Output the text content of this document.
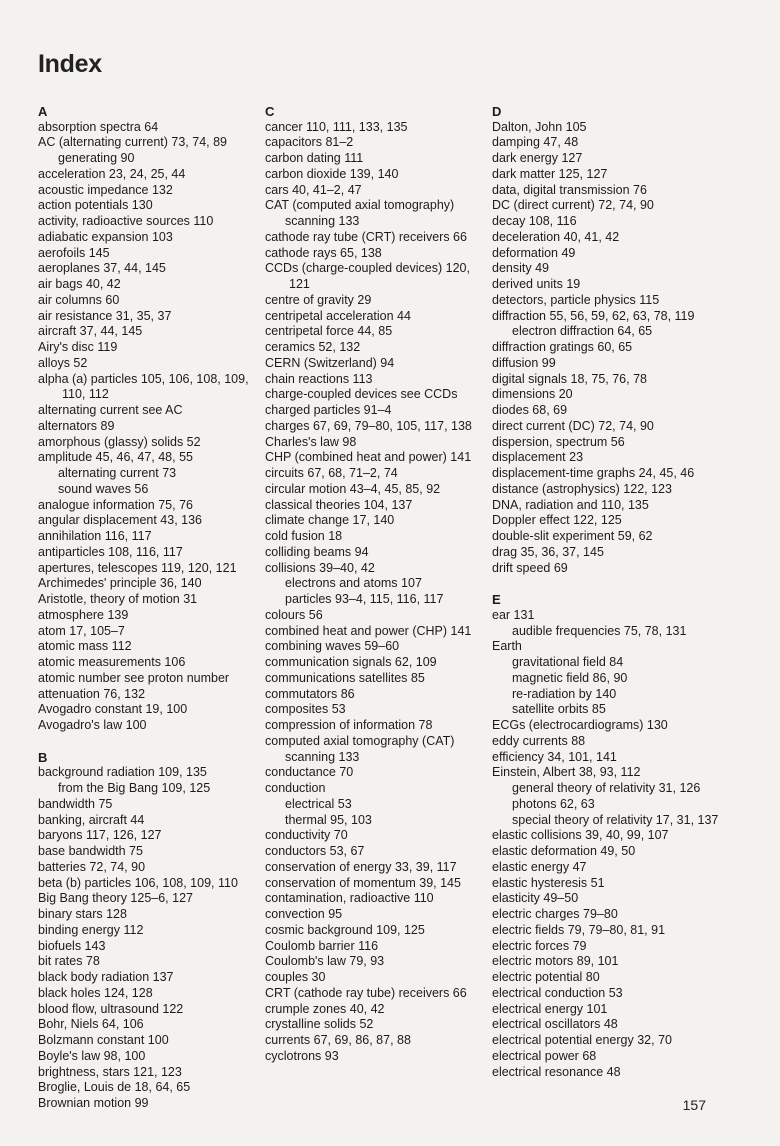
Index
A
absorption spectra 64
AC (alternating current) 73, 74, 89
generating 90
acceleration 23, 24, 25, 44
acoustic impedance 132
action potentials 130
activity, radioactive sources 110
adiabatic expansion 103
aerofoils 145
aeroplanes 37, 44, 145
air bags 40, 42
air columns 60
air resistance 31, 35, 37
aircraft 37, 44, 145
Airy's disc 119
alloys 52
alpha (a) particles 105, 106, 108, 109, 110, 112
alternating current see AC
alternators 89
amorphous (glassy) solids 52
amplitude 45, 46, 47, 48, 55
alternating current 73
sound waves 56
analogue information 75, 76
angular displacement 43, 136
annihilation 116, 117
antiparticles 108, 116, 117
apertures, telescopes 119, 120, 121
Archimedes' principle 36, 140
Aristotle, theory of motion 31
atmosphere 139
atom 17, 105–7
atomic mass 112
atomic measurements 106
atomic number see proton number
attenuation 76, 132
Avogadro constant 19, 100
Avogadro's law 100
B
background radiation 109, 135
from the Big Bang 109, 125
bandwidth 75
banking, aircraft 44
baryons 117, 126, 127
base bandwidth 75
batteries 72, 74, 90
beta (b) particles 106, 108, 109, 110
Big Bang theory 125–6, 127
binary stars 128
binding energy 112
biofuels 143
bit rates 78
black body radiation 137
black holes 124, 128
blood flow, ultrasound 122
Bohr, Niels 64, 106
Bolzmann constant 100
Boyle's law 98, 100
brightness, stars 121, 123
Broglie, Louis de 18, 64, 65
Brownian motion 99
C
cancer 110, 111, 133, 135
capacitors 81–2
carbon dating 111
carbon dioxide 139, 140
cars 40, 41–2, 47
CAT (computed axial tomography)
scanning 133
cathode ray tube (CRT) receivers 66
cathode rays 65, 138
CCDs (charge-coupled devices) 120, 121
centre of gravity 29
centripetal acceleration 44
centripetal force 44, 85
ceramics 52, 132
CERN (Switzerland) 94
chain reactions 113
charge-coupled devices see CCDs
charged particles 91–4
charges 67, 69, 79–80, 105, 117, 138
Charles's law 98
CHP (combined heat and power) 141
circuits 67, 68, 71–2, 74
circular motion 43–4, 45, 85, 92
classical theories 104, 137
climate change 17, 140
cold fusion 18
colliding beams 94
collisions 39–40, 42
electrons and atoms 107
particles 93–4, 115, 116, 117
colours 56
combined heat and power (CHP) 141
combining waves 59–60
communication signals 62, 109
communications satellites 85
commutators 86
composites 53
compression of information 78
computed axial tomography (CAT)
scanning 133
conductance 70
conduction
electrical 53
thermal 95, 103
conductivity 70
conductors 53, 67
conservation of energy 33, 39, 117
conservation of momentum 39, 145
contamination, radioactive 110
convection 95
cosmic background 109, 125
Coulomb barrier 116
Coulomb's law 79, 93
couples 30
CRT (cathode ray tube) receivers 66
crumple zones 40, 42
crystalline solids 52
currents 67, 69, 86, 87, 88
cyclotrons 93
D
Dalton, John 105
damping 47, 48
dark energy 127
dark matter 125, 127
data, digital transmission 76
DC (direct current) 72, 74, 90
decay 108, 116
deceleration 40, 41, 42
deformation 49
density 49
derived units 19
detectors, particle physics 115
diffraction 55, 56, 59, 62, 63, 78, 119
electron diffraction 64, 65
diffraction gratings 60, 65
diffusion 99
digital signals 18, 75, 76, 78
dimensions 20
diodes 68, 69
direct current (DC) 72, 74, 90
dispersion, spectrum 56
displacement 23
displacement-time graphs 24, 45, 46
distance (astrophysics) 122, 123
DNA, radiation and 110, 135
Doppler effect 122, 125
double-slit experiment 59, 62
drag 35, 36, 37, 145
drift speed 69
E
ear 131
audible frequencies 75, 78, 131
Earth
gravitational field 84
magnetic field 86, 90
re-radiation by 140
satellite orbits 85
ECGs (electrocardiograms) 130
eddy currents 88
efficiency 34, 101, 141
Einstein, Albert 38, 93, 112
general theory of relativity 31, 126
photons 62, 63
special theory of relativity 17, 31, 137
elastic collisions 39, 40, 99, 107
elastic deformation 49, 50
elastic energy 47
elastic hysteresis 51
elasticity 49–50
electric charges 79–80
electric fields 79, 79–80, 81, 91
electric forces 79
electric motors 89, 101
electric potential 80
electrical conduction 53
electrical energy 101
electrical oscillators 48
electrical potential energy 32, 70
electrical power 68
electrical resonance 48
157
